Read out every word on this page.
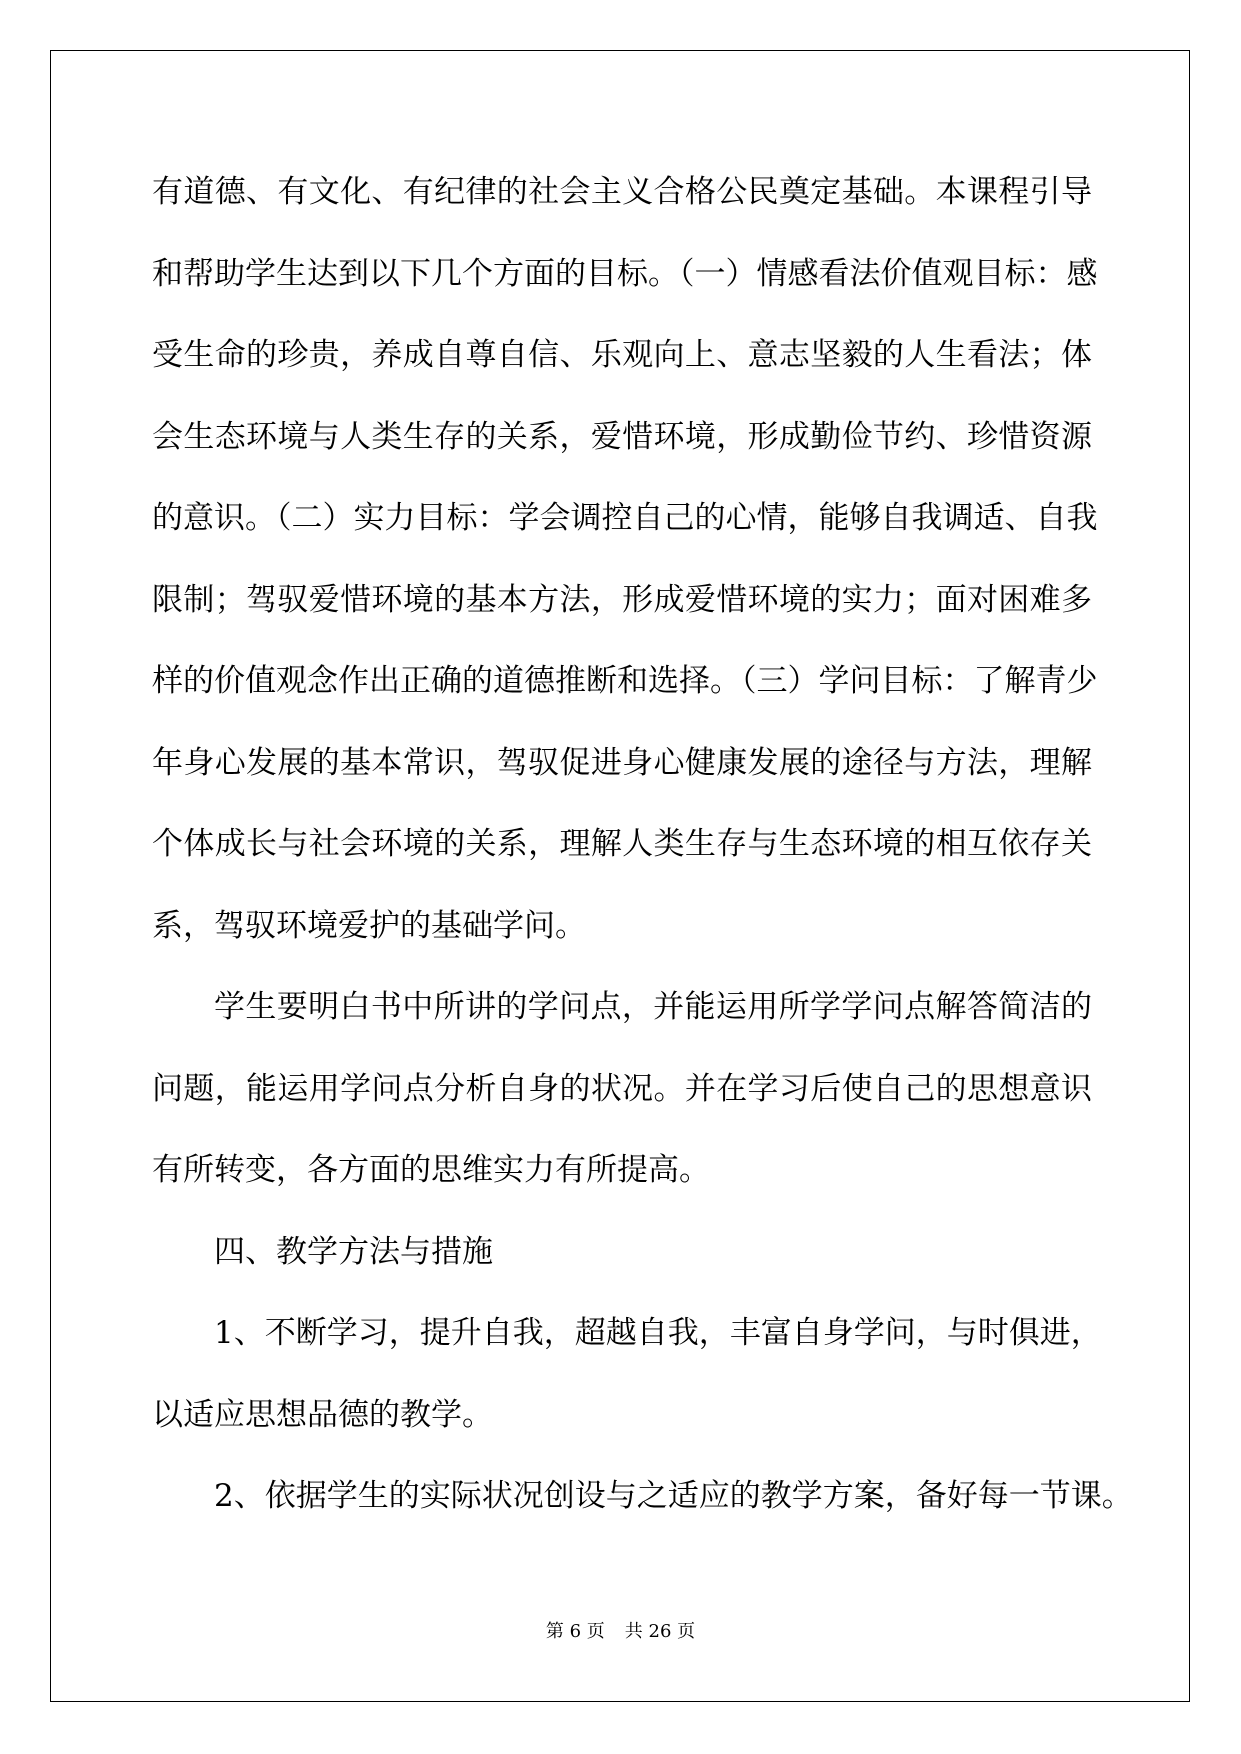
有道德、有文化、有纪律的社会主义合格公民奠定基础。本课程引导
和帮助学生达到以下几个方面的目标。（一）情感看法价值观目标：感
受生命的珍贵，养成自尊自信、乐观向上、意志坚毅的人生看法；体
会生态环境与人类生存的关系，爱惜环境，形成勤俭节约、珍惜资源
的意识。（二）实力目标：学会调控自己的心情，能够自我调适、自我
限制；驾驭爱惜环境的基本方法，形成爱惜环境的实力；面对困难多
样的价值观念作出正确的道德推断和选择。（三）学问目标：了解青少
年身心发展的基本常识，驾驭促进身心健康发展的途径与方法，理解
个体成长与社会环境的关系，理解人类生存与生态环境的相互依存关
系，驾驭环境爱护的基础学问。

学生要明白书中所讲的学问点，并能运用所学学问点解答简洁的
问题，能运用学问点分析自身的状况。并在学习后使自己的思想意识
有所转变，各方面的思维实力有所提高。

四、教学方法与措施

1、不断学习，提升自我，超越自我，丰富自身学问，与时俱进，
以适应思想品德的教学。

2、依据学生的实际状况创设与之适应的教学方案，备好每一节课。

第 6 页 共 26 页
